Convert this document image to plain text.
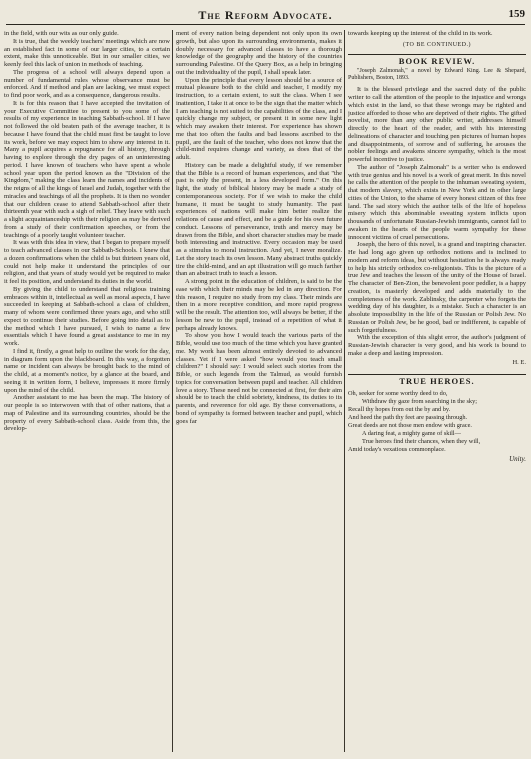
The Reform Advocate.	159

in the field, with our wits as our only guide.

It is true, that the weekly teachers' meetings which are now an established fact in some of our larger cities, to a certain extent, make this unnoticeable. But in our smaller cities, we keenly feel this lack of union in methods of teaching.

The progress of a school will always depend upon a number of fundamental rules whose observance must be enforced. And if method and plan are lacking, we must expect to find poor work, and as a consequence, dangerous results.

It is for this reason that I have accepted the invitation of your Executive Committee to present to you some of the results of my experience in teaching Sabbath-school. If I have not followed the old beaten path of the average teacher, it is because I have found that the child must first be taught to love its work, before we may expect him to show any interest in it. Many a pupil acquires a repugnance for all history, through having to explore through the dry pages of an uninteresting period. I have known of teachers who have spent a whole school year upon the period known as the "Division of the Kingdom," making the class learn the names and incidents of the reigns of all the kings of Israel and Judah, together with the miracles and teachings of all the prophets. It is then no wonder that our children cease to attend Sabbath-school after their thirteenth year with such a sigh of relief. They leave with such a slight acquaintanceship with their religion as may be derived from a study of their confirmation speeches, or from the teachings of a poorly taught volunteer teacher.

It was with this idea in view, that I began to prepare myself to teach advanced classes in our Sabbath-Schools. I knew that a dozen confirmations when the child is but thirteen years old, could not help make it understand the principles of our religion, and that years of study would yet be required to make it feel its position, and understand its duties in the world.

By giving the child to understand that religious training embraces within it, intellectual as well as moral aspects, I have succeeded in keeping at Sabbath-school a class of children, many of whom were confirmed three years ago, and who still expect to continue their studies. Before going into detail as to the method which I have pursued, I wish to name a few essentials which I have found a great assistance to me in my work.

I find it, firstly, a great help to outline the work for the day, in diagram form upon the blackboard. In this way, a forgotten name or incident can always be brought back to the mind of the child, at a moment's notice, by a glance at the board, and seeing it in written form, I believe, impresses it more firmly upon the mind of the child.

Another assistant to me has been the map. The history of our people is so interwoven with that of other nations, that a map of Palestine and its surrounding countries, should be the property of every Sabbath-school class. Aside from this, the develop-

ment of every nation being dependent not only upon its own growth, but also upon its surrounding environments, makes it doubly necessary for advanced classes to have a thorough knowledge of the geography and the history of the countries surrounding Palestine. Of the Query Box, as a help in bringing out the individuality of the pupil, I shall speak later.

Upon the principle that every lesson should be a source of mutual pleasure both to the child and teacher, I modify my instruction, to a certain extent, to suit the class. When I see inattention, I take it at once to be the sign that the matter which I am teaching is not suited to the capabilities of the class, and I quickly change my subject, or present it in some new light which may awaken their interest. For experience has shown me that too often the faults and bad lessons ascribed to the pupil, are the fault of the teacher, who does not know that the child-mind requires change and variety, as does that of the adult.

History can be made a delightful study, if we remember that the Bible is a record of human experiences, and that "the past is only the present, in a less developed form." On this light, the study of biblical history may be made a study of contemporaneous society. For if we wish to make the child humane, it must be taught to study humanity. The past experiences of nations will make him better realize the relations of cause and effect, and be a guide for his own future conduct. Lessons of perseverance, truth and mercy may be drawn from the Bible, and short character studies may be made both interesting and instructive. Every occasion may be used as a stimulus to moral instruction. And yet, I never moralize. Let the story teach its own lesson. Many abstract truths quickly tire the child-mind, and an apt illustration will go much farther than an abstract truth to teach a lesson.

A strong point in the education of children, is said to be the ease with which their minds may be led in any direction. For this reason, I require no study from my class. Their minds are then in a more receptive condition, and more rapid progress will be the result. The attention too, will always be better, if the lesson be new to the pupil, instead of a repetition of what it perhaps already knows.

To show you how I would teach the various parts of the Bible, would use too much of the time which you have granted me. My work has been almost entirely devoted to advanced classes. Yet if I were asked "how would you teach small children?" I should say: I would select such stories from the Bible, or such legends from the Talmud, as would furnish topics for conversation between pupil and teacher. All children love a story. These need not be connected at first, for their aim should be to teach the child sobriety, kindness, its duties to its parents, and reverence for old age. By these conversations, a bond of sympathy is formed between teacher and pupil, which goes far

towards keeping up the interest of the child in its work.

(TO BE CONTINUED.)
BOOK REVIEW.

"Joseph Zalmonah," a novel by Edward King. Lee & Shepard, Publishers, Boston, 1893.

It is the blessed privilege and the sacred duty of the public writer to call the attention of the people to the injustice and wrongs which exist in the land, so that these wrongs may be righted and justice afforded to those who are deprived of their rights. The gifted novelist, more than any other public writer, addresses himself directly to the heart of the reader, and with his interesting delineations of character and touching pen pictures of human hopes and disappointments, of sorrow and of suffering, he arouses the nobler feelings and awakens sincere sympathy, which is the most powerful incentive to justice.

The author of "Joseph Zalmonah" is a writer who is endowed with true genius and his novel is a work of great merit. In this novel he calls the attention of the people to the inhuman sweating system, that modern slavery, which exists in New York and in other large cities of the Union, to the shame of every honest citizen of this free land. The sad story which the author tells of the life of hopeless misery which this abominable sweating system inflicts upon thousands of unfortunate Russian-Jewish immigrants, cannot fail to awaken in the hearts of the people warm sympathy for these innocent victims of cruel persecutions.

Joseph, the hero of this novel, is a grand and inspiring character. He had long ago given up orthodox notions and is inclined to modern and reform ideas, but without hesitation he is always ready to help his strictly orthodox co-religionists. This is the picture of a true Jew and teaches the lesson of the unity of the House of Israel. The character of Ben-Zion, the benevolent poor peddler, is a happy creation, is masterly developed and adds materially to the completeness of the work. Zablinsky, the carpenter who forgets the wedding day of his daughter, is a mistake. Such a character is an absolute impossibility in the life of the Russian or Polish Jew. No Russian or Polish Jew, be he good, bad or indifferent, is capable of such forgetfulness.

With the exception of this slight error, the author's judgment of Russian-Jewish character is very good, and his work is bound to make a deep and lasting impression.

H. E.
TRUE HEROES.
Oh, seeker for some worthy deed to do,
Withdraw thy gaze from searching in the sky;
Recall thy hopes from out the by and by.
And heed the path thy feet are passing through.
Great deeds are not those men endow with grace.
A daring feat, a mighty game of skill—
True heroes find their chances, when they will,
Amid today's vexatious commonplace.
Unity.
